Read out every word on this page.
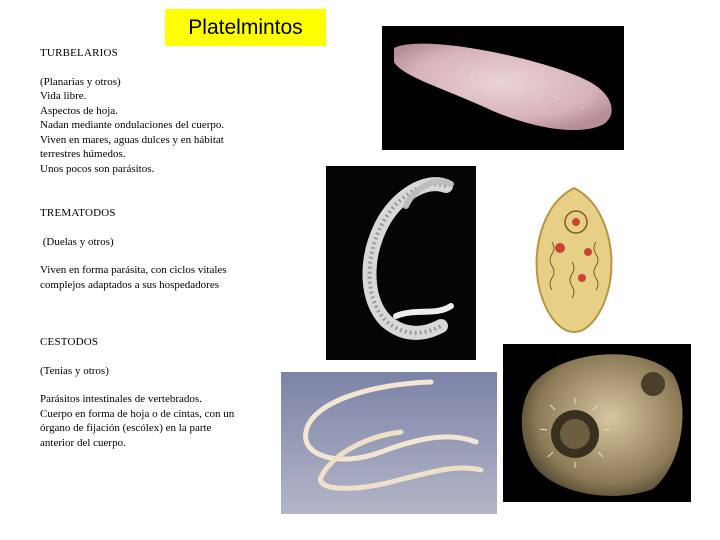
Platelmintos

TURBELARIOS

(Planarias y otros)

Vida libre.

Aspectos de hoja.

Nadan mediante ondulaciones del cuerpo.

Viven en mares, aguas dulces y en hábitat

terrestres húmedos.

Unos pocos son parásitos.

TREMATODOS

(Duelas y otros)

Viven en forma parásita, con ciclos vitales

complejos adaptados a sus hospedadores

CESTODOS

(Tenias y otros)

Parásitos intestinales de vertebrados.

Cuerpo en forma de hoja o de cintas, con un

órgano de fijación (escólex) en la parte

anterior del cuerpo.
